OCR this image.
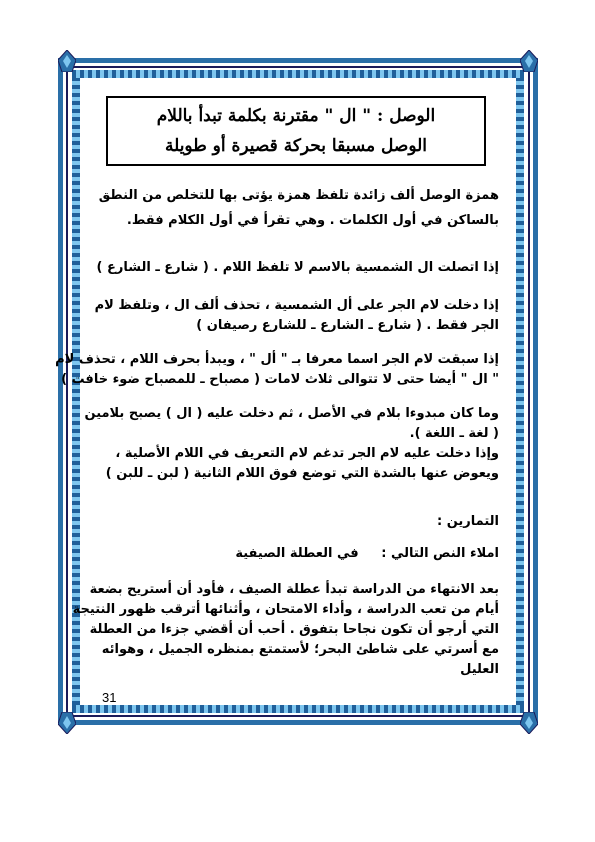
الوصل : " ال " مقترنة بكلمة تبدأ باللام
الوصل مسبقا بحركة قصيرة أو طويلة
همزة الوصل ألف زائدة تلفظ همزة يؤتى بها للتخلص من النطق
بالساكن في أول الكلمات . وهي تقرأ في أول الكلام فقط.
إذا اتصلت ال الشمسية بالاسم لا تلفظ اللام . ( شارع ـ الشارع )
إذا دخلت لام الجر على أل الشمسية ، تحذف ألف ال ، وتلفظ لام
الجر فقط . ( شارع ـ الشارع ـ للشارع رصيفان )
إذا سبقت لام الجر اسما معرفا بـ " أل " ، ويبدأ بحرف اللام ، تحذف لام
" ال " أيضا حتى لا تتوالى ثلاث لامات ( مصباح ـ للمصباح ضوء خافت )
وما كان مبدوءا بلام في الأصل ، ثم دخلت عليه ( ال ) يصبح بلامين
( لغة ـ اللغة ).
وإذا دخلت عليه لام الجر تدغم لام التعريف في اللام الأصلية ،
ويعوض عنها بالشدة التي توضع فوق اللام الثانية ( لبن ـ للبن )
التمارين :
املاء النص التالي :     في العطلة الصيفية
بعد الانتهاء من الدراسة تبدأ عطلة الصيف ، فأود أن أستريح بضعة
أيام من تعب الدراسة ، وأداء الامتحان ، وأثنائها أترقب ظهور النتيجة
التي أرجو أن تكون نجاحا بتفوق . أحب أن أقضي جزءا من العطلة
مع أسرتي على شاطئ البحر؛ لأستمتع بمنظره الجميل ، وهوائه
العليل
31
